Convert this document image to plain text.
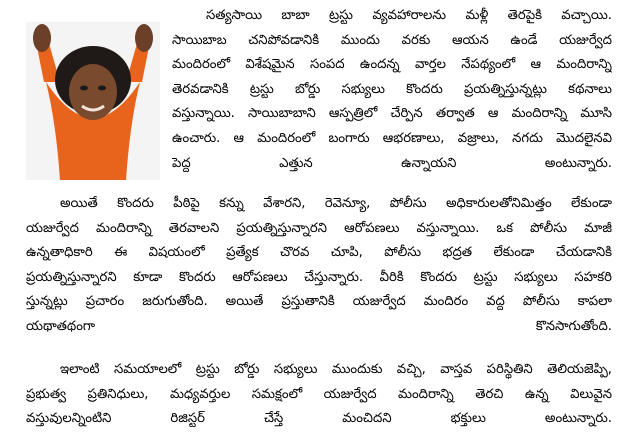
సత్యసాయి బాబా ట్రస్టు వ్యవహారాలను మళ్లీ తెరపైకి వచ్చాయి.
సాయిబాబ చనిపోవడానికి ముందు వరకు ఆయన ఉండే యజుర్వేద
మందిరంలో విశేషమైన సంపద ఉందన్న వార్తల నేపథ్యంలో ఆ మందిరాన్ని
తెరవడానికి ట్రస్టు బోర్డు సభ్యులు కొందరు ప్రయత్నిస్తున్నట్లు కథనాలు
వస్తున్నాయి. సాయిబాబాని ఆస్పత్రిలో చేర్పిన తర్వాత ఆ మందిరాన్ని మూసి
ఉంచారు. ఆ మందిరంలో బంగారు ఆభరణాలు, వజ్రాలు, నగదు మొదలైనవి
పెద్ద ఎత్తున ఉన్నాయని అంటున్నారు.
అయితే కొందరు పీఠిపై కన్ను వేశారని, రెవెన్యూ, పోలీసు అధికారులతోనిమిత్తం లేకుండా
యజుర్వేద మందిరాన్ని తెరవాలని ప్రయత్నిస్తున్నారని ఆరోపణలు వస్తున్నాయి. ఒక పోలీసు మాజీ
ఉన్నతాధికారి ఈ విషయంలో ప్రత్యేక చొరవ చూపి, పోలీసు భద్రత లేకుండా చేయడానికి
ప్రయత్నిస్తున్నారని కూడా కొందరు ఆరోపణలు చేస్తున్నారు. వీరికి కొందరు ట్రస్టు సభ్యులు సహకరి
స్తున్నట్లు ప్రచారం జరుగుతోంది. అయితే ప్రస్తుతానికి యజుర్వేద మందిరం వద్ద పోలీసు కాపలా
యథాతథంగా కొనసాగుతోంది.
ఇలాంటి సమయాలలో ట్రస్టు బోర్డు సభ్యులు ముందుకు వచ్చి, వాస్తవ పరిస్థితిని తెలియజెప్పి,
ప్రభుత్వ ప్రతినిధులు, మధ్యవర్తుల సమక్షంలో యజుర్వేద మందిరాన్ని తెరచి ఉన్న విలువైన
వస్తువులన్నింటిని రిజిస్టర్ చేస్తే మంచిదని భక్తులు అంటున్నారు.
